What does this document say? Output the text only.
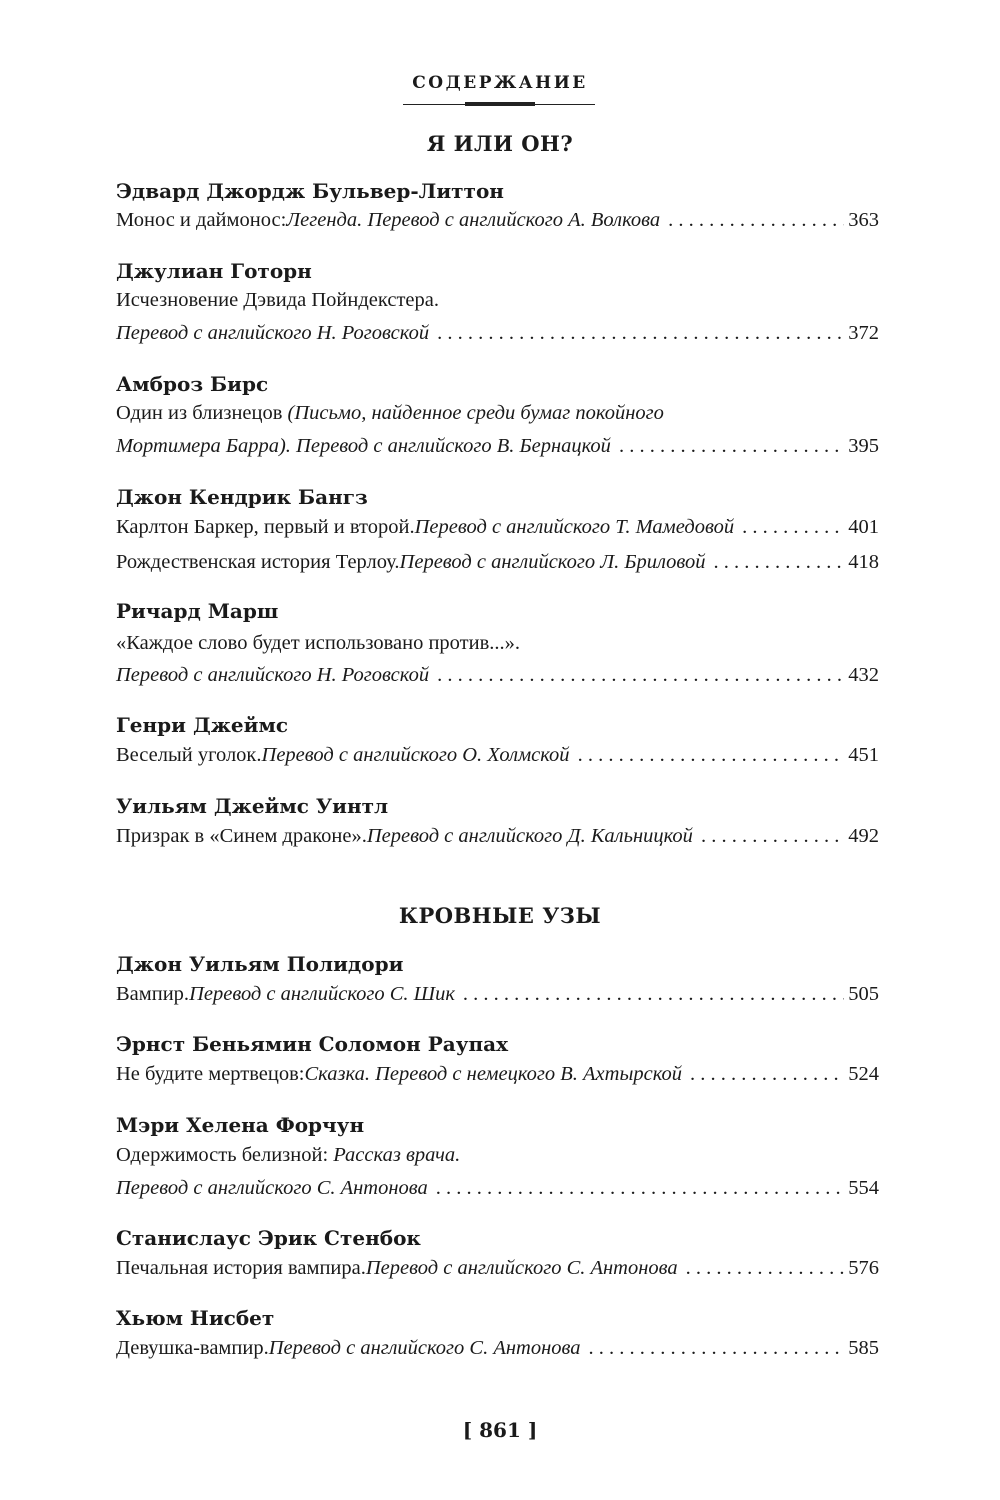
СОДЕРЖАНИЕ
Я ИЛИ ОН?
Эдвард Джордж Бульвер-Литтон
Монос и даймонос: Легенда. Перевод с английского А. Волкова . . .	363
Джулиан Готорн
Исчезновение Дэвида Пойндекстера.
Перевод с английского Н. Роговской . . .	372
Амброз Бирс
Один из близнецов (Письмо, найденное среди бумаг покойного
Мортимера Барра). Перевод с английского В. Бернацкой . . .	395
Джон Кендрик Бангз
Карлтон Баркер, первый и второй. Перевод с английского Т. Мамедовой . . .	401
Рождественская история Терлоу. Перевод с английского Л. Бриловой . . .	418
Ричард Марш
«Каждое слово будет использовано против...».
Перевод с английского Н. Роговской . . .	432
Генри Джеймс
Веселый уголок. Перевод с английского О. Холмской . . .	451
Уильям Джеймс Уинтл
Призрак в «Синем драконе». Перевод с английского Д. Кальницкой . . .	492
КРОВНЫЕ УЗЫ
Джон Уильям Полидори
Вампир. Перевод с английского С. Шик . . .	505
Эрнст Беньямин Соломон Раупах
Не будите мертвецов: Сказка. Перевод с немецкого В. Ахтырской . . .	524
Мэри Хелена Форчун
Одержимость белизной: Рассказ врача.
Перевод с английского С. Антонова . . .	554
Станислаус Эрик Стенбок
Печальная история вампира. Перевод с английского С. Антонова . . .	576
Хьюм Нисбет
Девушка-вампир. Перевод с английского С. Антонова . . .	585
[ 861 ]
